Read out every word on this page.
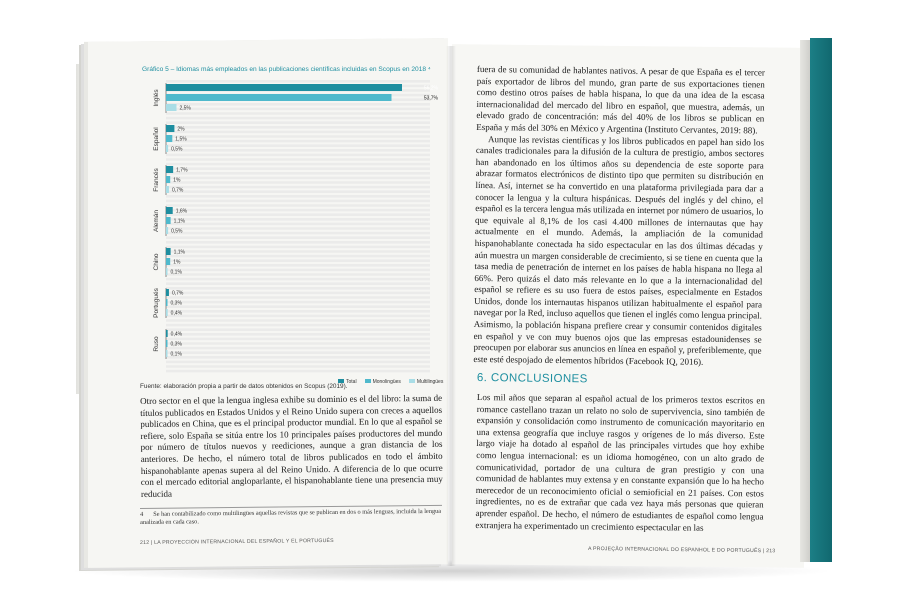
Gráfico 5 – Idiomas más empleados en las publicaciones científicas incluidas en Scopus en 2018 ⁴
Inglés
56,2%
53,7%
2,5%
Español	2%
1,5%
0,5%
Francés	1,7%
1%
0,7%
Alemán	1,6%
1,1%
0,5%
Chino
1,1%
1%
0,1%
Portugués 0,7%
0,3%
0,4%
Ruso
0,4%
0,3%
0,1%
Fuente: elaboración propia a partir de datos obtenidos en Scopus (2019).
Total	Monolingües	Multilingües
Otro sector en el que la lengua inglesa exhibe su dominio es el del libro: la suma de títulos publicados en Estados Unidos y el Reino Unido supera con creces a aquellos publicados en China, que es el principal productor mundial. En lo que al español se refiere, solo España se sitúa entre los 10 principales países productores del mundo por número de títulos nuevos y reediciones, aunque a gran distancia de los anteriores. De hecho, el número total de libros publicados en todo el ámbito hispanohablante apenas supera al del Reino Unido. A diferencia de lo que ocurre con el mercado editorial angloparlante, el hispanohablante tiene una presencia muy reducida
4 Se han contabilizado como multilingües aquellas revistas que se publican en dos o más lenguas, incluida la lengua analizada en cada caso.
212 | LA PROYECCIÓN INTERNACIONAL DEL ESPAÑOL Y EL PORTUGUÉS

fuera de su comunidad de hablantes nativos. A pesar de que España es el tercer país exportador de libros del mundo, gran parte de sus exportaciones tienen como destino otros países de habla hispana, lo que da una idea de la escasa internacionalidad del mercado del libro en español, que muestra, además, un elevado grado de concentración: más del 40% de los libros se publican en España y más del 30% en México y Argentina (Instituto Cervantes, 2019: 88).

Aunque las revistas científicas y los libros publicados en papel han sido los canales tradicionales para la difusión de la cultura de prestigio, ambos sectores han abandonado en los últimos años su dependencia de este soporte para abrazar formatos electrónicos de distinto tipo que permiten su distribución en línea. Así, internet se ha convertido en una plataforma privilegiada para dar a conocer la lengua y la cultura hispánicas. Después del inglés y del chino, el español es la tercera lengua más utilizada en internet por número de usuarios, lo que equivale al 8,1% de los casi 4.400 millones de internautas que hay actualmente en el mundo. Además, la ampliación de la comunidad hispanohablante conectada ha sido espectacular en las dos últimas décadas y aún muestra un margen considerable de crecimiento, si se tiene en cuenta que la tasa media de penetración de internet en los países de habla hispana no llega al 66%. Pero quizás el dato más relevante en lo que a la internacionalidad del español se refiere es su uso fuera de estos países, especialmente en Estados Unidos, donde los internautas hispanos utilizan habitualmente el español para navegar por la Red, incluso aquellos que tienen el inglés como lengua principal. Asimismo, la población hispana prefiere crear y consumir contenidos digitales en español y ve con muy buenos ojos que las empresas estadounidenses se preocupen por elaborar sus anuncios en línea en español y, preferiblemente, que este esté despojado de elementos híbridos (Facebook IQ, 2016).

6. CONCLUSIONES
Los mil años que separan al español actual de los primeros textos escritos en romance castellano trazan un relato no solo de supervivencia, sino también de expansión y consolidación como instrumento de comunicación mayoritario en una extensa geografía que incluye rasgos y orígenes de lo más diverso. Este largo viaje ha dotado al español de las principales virtudes que hoy exhibe como lengua internacional: es un idioma homogéneo, con un alto grado de comunicatividad, portador de una cultura de gran prestigio y con una comunidad de hablantes muy extensa y en constante expansión que lo ha hecho merecedor de un reconocimiento oficial o semioficial en 21 países. Con estos ingredientes, no es de extrañar que cada vez haya más personas que quieran aprender español. De hecho, el número de estudiantes de español como lengua extranjera ha experimentado un crecimiento espectacular en las
A PROJEÇÃO INTERNACIONAL DO ESPANHOL E DO PORTUGUÊS | 213
